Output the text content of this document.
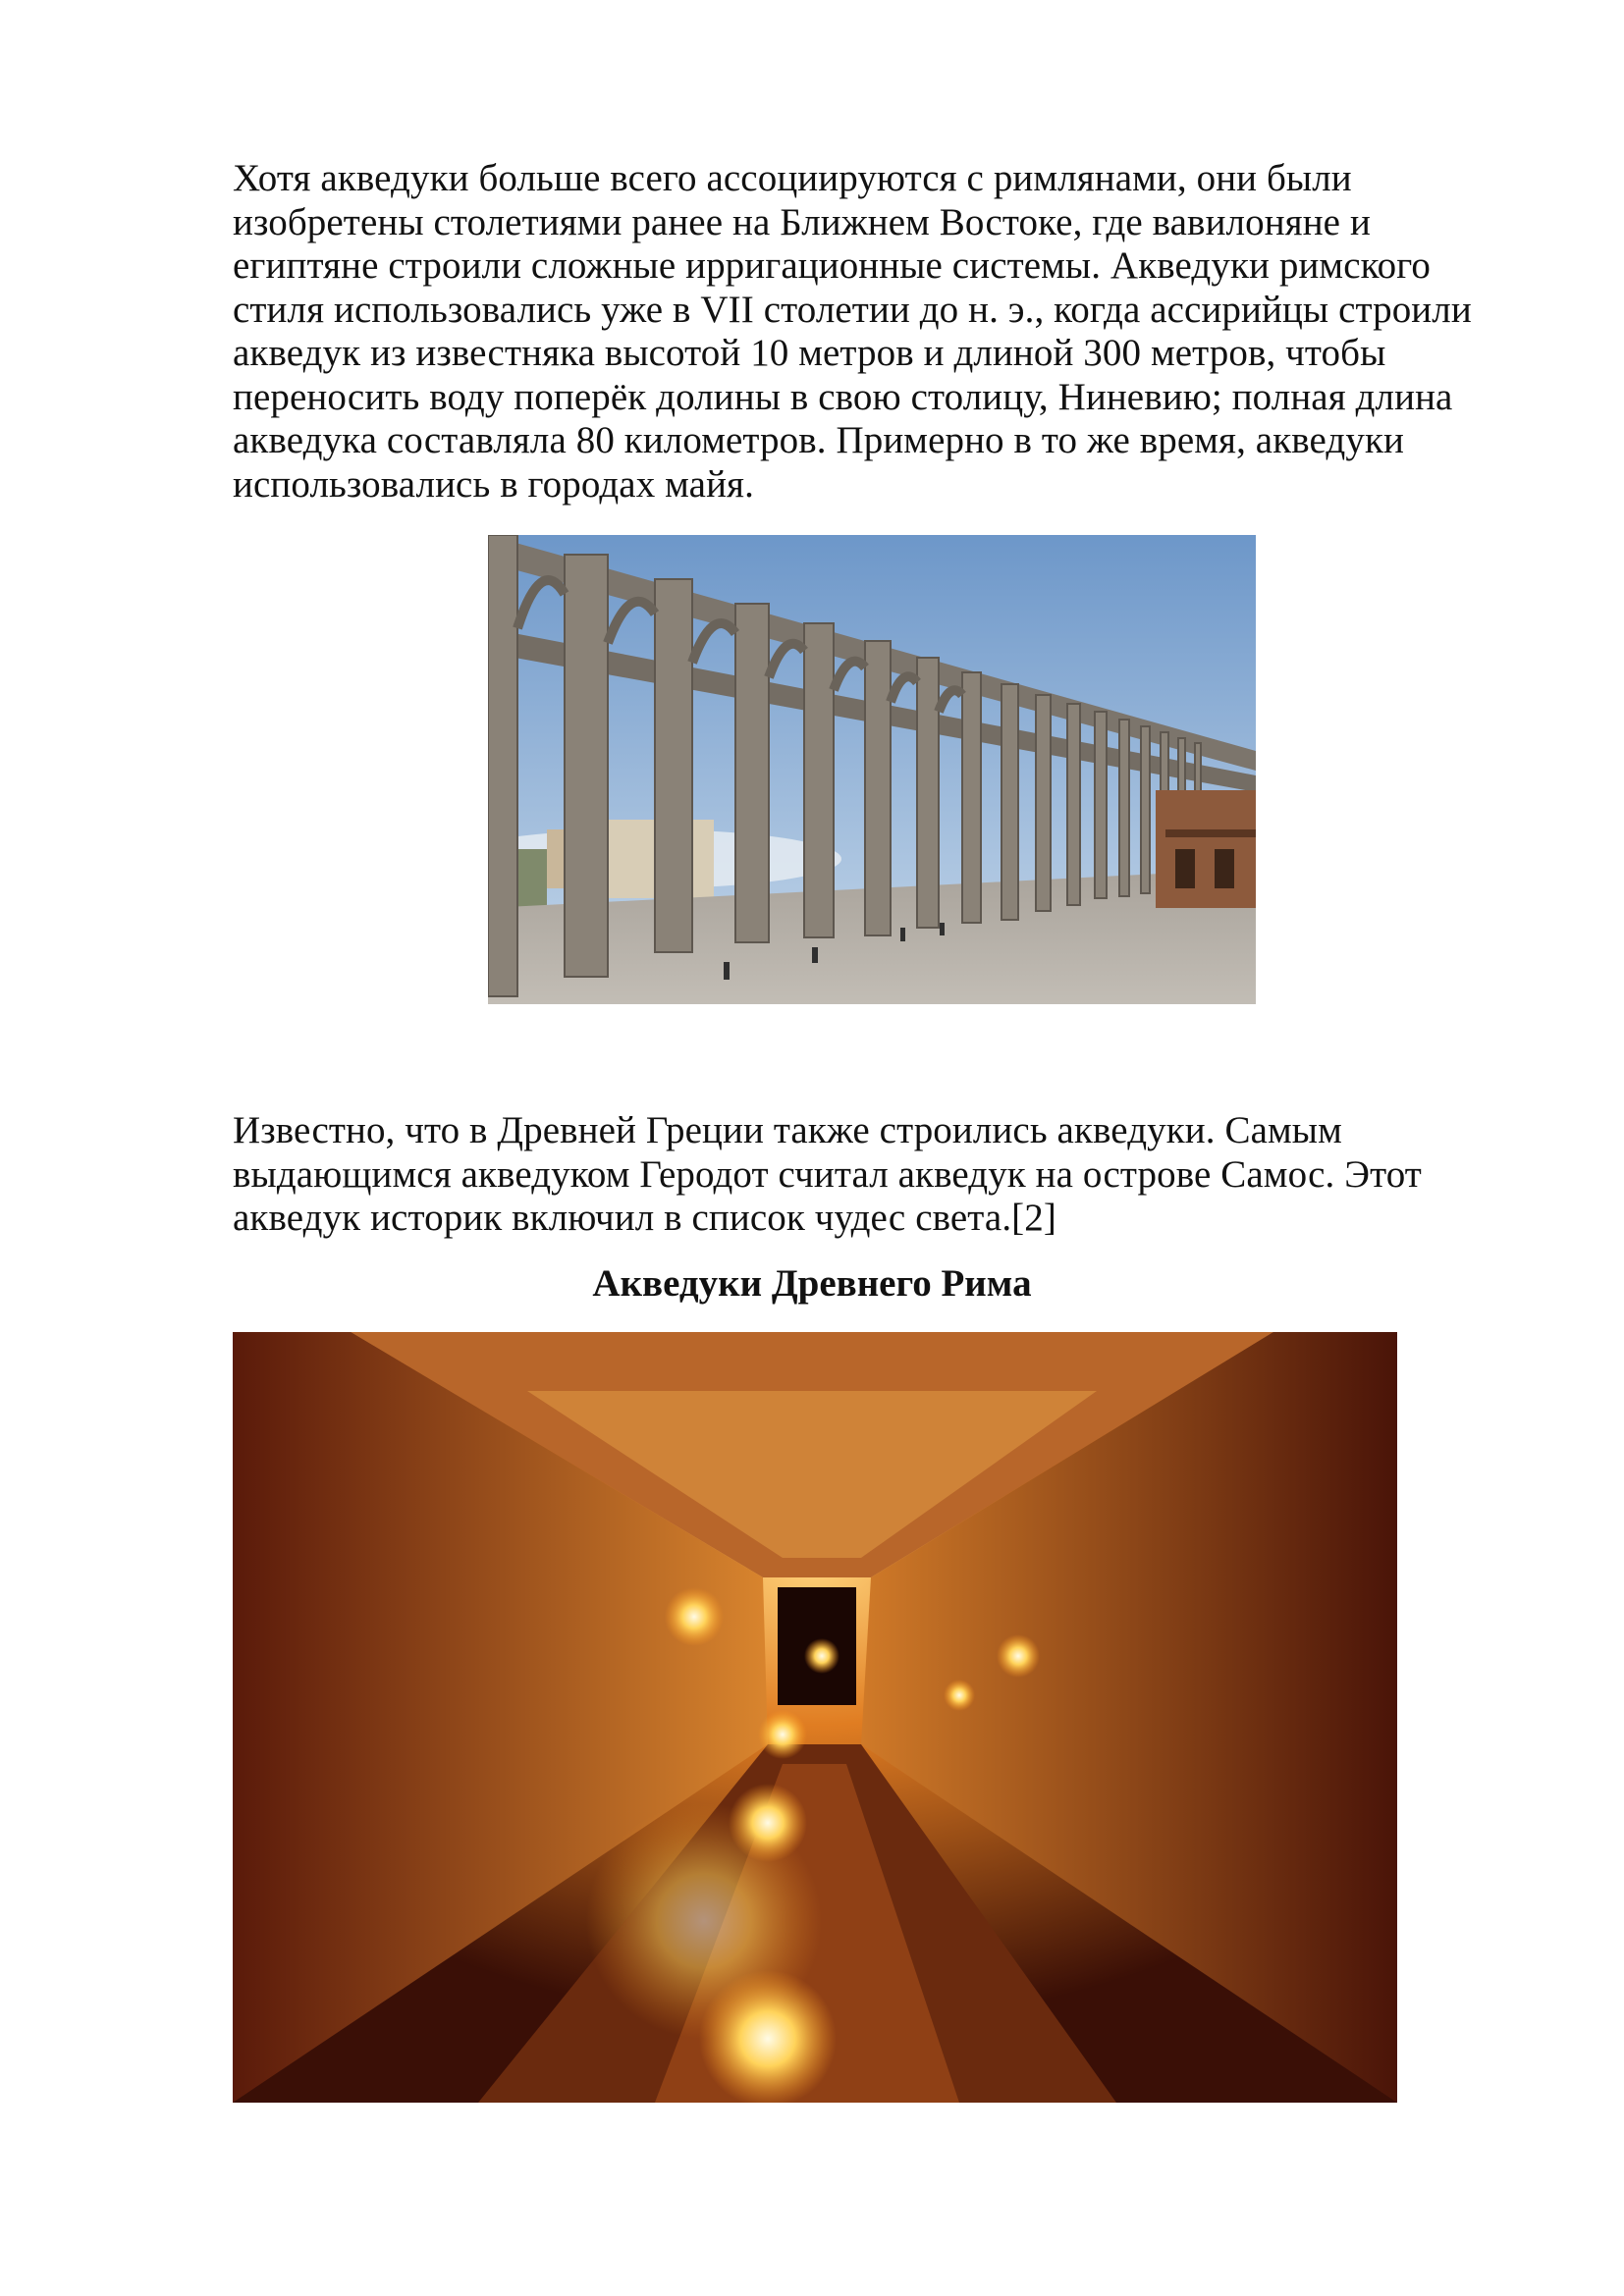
Хотя акведуки больше всего ассоциируются с римлянами, они были изобретены столетиями ранее на Ближнем Востоке, где вавилоняне и египтяне строили сложные ирригационные системы. Акведуки римского стиля использовались уже в VII столетии до н. э., когда ассирийцы строили акведук из известняка высотой 10 метров и длиной 300 метров, чтобы переносить воду поперёк долины в свою столицу, Ниневию; полная длина акведука составляла 80 километров. Примерно в то же время, акведуки использовались в городах майя.

Известно, что в Древней Греции также строились акведуки. Самым выдающимся акведуком Геродот считал акведук на острове Самос. Этот акведук историк включил в список чудес света.[2]

Акведуки Древнего Рима
